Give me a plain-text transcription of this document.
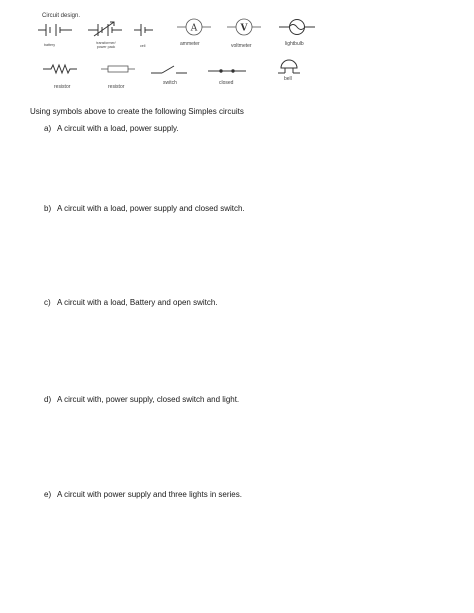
Circuit design.
battery	transformer/ power pack	cell
A
ammeter
V
voltmeter	lightbulb
resistor	resistor
switch	closed
bell
Using symbols above to create the following Simples circuits
a) A circuit with a load, power supply.
b) A circuit with a load, power supply and closed switch.
c) A circuit with a load, Battery and open switch.
d) A circuit with, power supply, closed switch and light.
e) A circuit with power supply and three lights in series.
